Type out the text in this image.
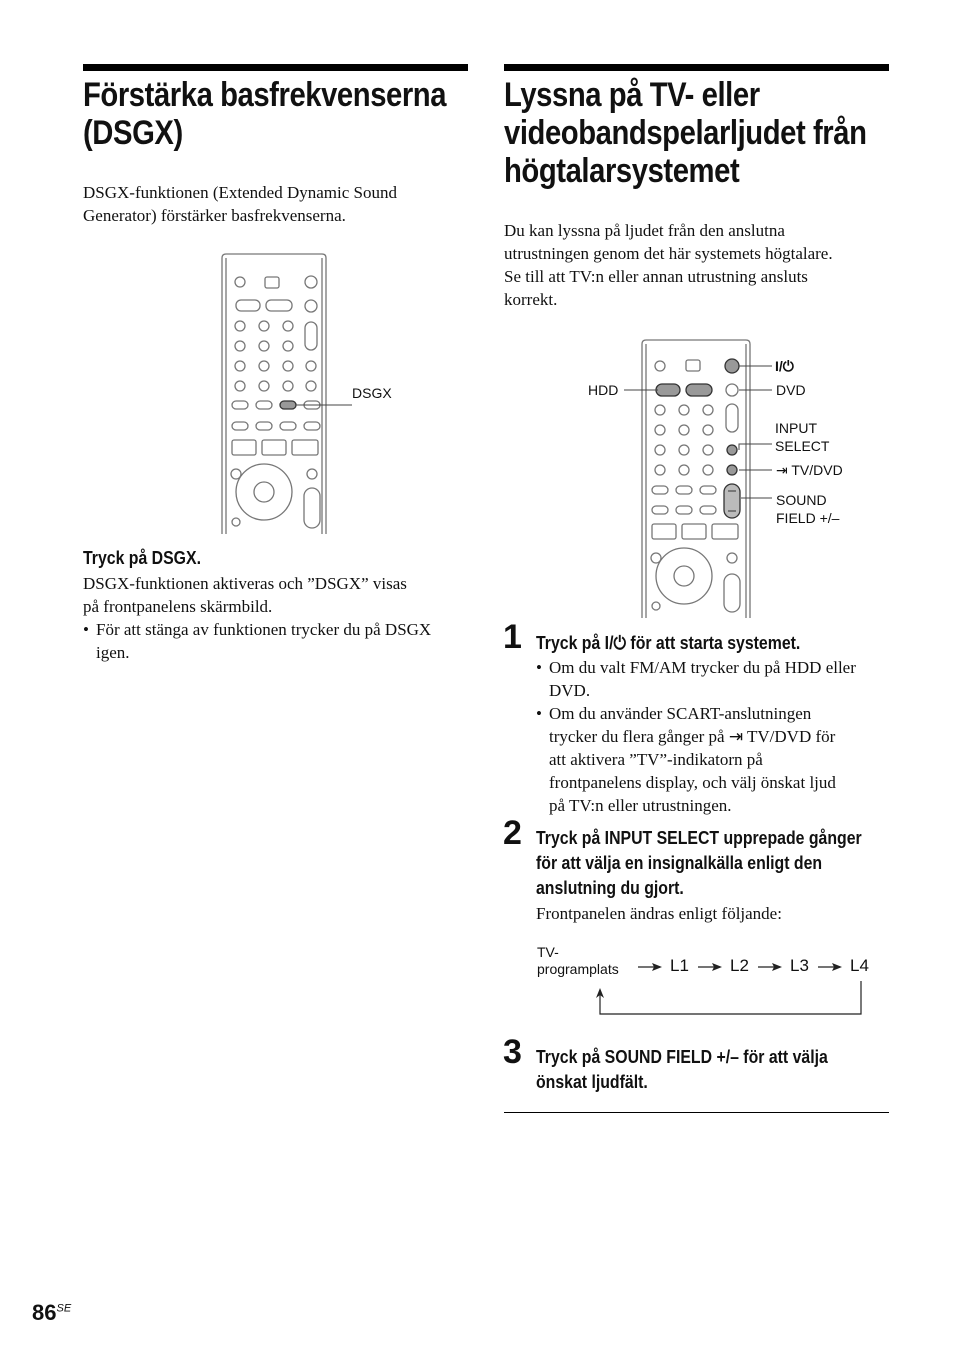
Förstärka basfrekvenserna
(DSGX)

DSGX-funktionen (Extended Dynamic Sound
Generator) förstärker basfrekvenserna.

DSGX
Tryck på DSGX.

DSGX-funktionen aktiveras och ”DSGX” visas
på frontpanelens skärmbild.

• För att stänga av funktionen trycker du på DSGX
igen.

Lyssna på TV- eller
videobandspelarljudet från
högtalarsystemet

Du kan lyssna på ljudet från den anslutna
utrustningen genom det här systemets högtalare.
Se till att TV:n eller annan utrustning ansluts
korrekt.

I/⏻
HDD	DVD
INPUT
SELECT
⇥ TV/DVD
SOUND
FIELD +/–
1 Tryck på I/⏻ för att starta systemet.

• Om du valt FM/AM trycker du på HDD eller
DVD.

• Om du använder SCART-anslutningen
trycker du flera gånger på ⇥ TV/DVD för
att aktivera ”TV”-indikatorn på
frontpanelens display, och välj önskat ljud
på TV:n eller utrustningen.

2 Tryck på INPUT SELECT upprepade gånger
för att välja en insignalkälla enligt den
anslutning du gjort.

Frontpanelen ändras enligt följande:

TV-
programplats	L1 L2 L3 L4
3 Tryck på SOUND FIELD +/– för att välja
önskat ljudfält.
$86^{SE}$
